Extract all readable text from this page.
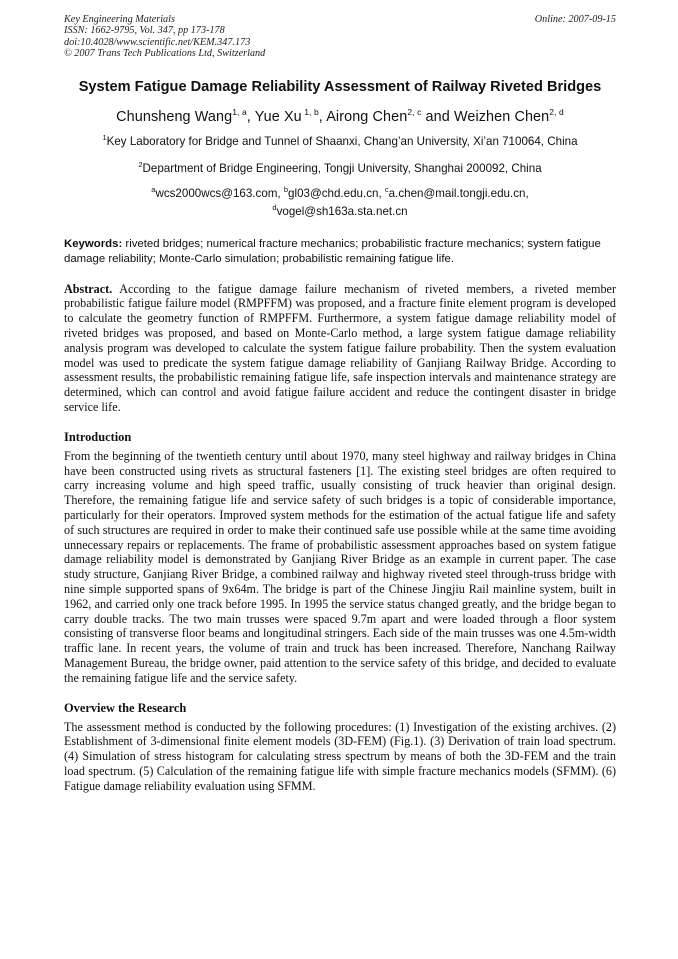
Key Engineering Materials
ISSN: 1662-9795, Vol. 347, pp 173-178
doi:10.4028/www.scientific.net/KEM.347.173
© 2007 Trans Tech Publications Ltd, Switzerland
Online: 2007-09-15
System Fatigue Damage Reliability Assessment of Railway Riveted Bridges
Chunsheng Wang$^{1, a}$, Yue Xu $^{1, b}$, Airong Chen$^{2, c}$ and Weizhen Chen$^{2, d}$
$^1$Key Laboratory for Bridge and Tunnel of Shaanxi, Chang’an University, Xi’an 710064, China
$^2$Department of Bridge Engineering, Tongji University, Shanghai 200092, China
$^a$wcs2000wcs@163.com, $^b$gl03@chd.edu.cn, $^c$a.chen@mail.tongji.edu.cn,
$^d$vogel@sh163a.sta.net.cn
Keywords: riveted bridges; numerical fracture mechanics; probabilistic fracture mechanics; system fatigue damage reliability; Monte-Carlo simulation; probabilistic remaining fatigue life.
Abstract. According to the fatigue damage failure mechanism of riveted members, a riveted member probabilistic fatigue failure model (RMPFFM) was proposed, and a fracture finite element program is developed to calculate the geometry function of RMPFFM. Furthermore, a system fatigue damage reliability model of riveted bridges was proposed, and based on Monte-Carlo method, a large system fatigue damage reliability analysis program was developed to calculate the system fatigue failure probability. Then the system evaluation model was used to predicate the system fatigue damage reliability of Ganjiang Railway Bridge. According to assessment results, the probabilistic remaining fatigue life, safe inspection intervals and maintenance strategy are determined, which can control and avoid fatigue failure accident and reduce the contingent disaster in bridge service life.
Introduction

From the beginning of the twentieth century until about 1970, many steel highway and railway bridges in China have been constructed using rivets as structural fasteners [1]. The existing steel bridges are often required to carry increasing volume and high speed traffic, usually consisting of truck heavier than original design. Therefore, the remaining fatigue life and service safety of such bridges is a topic of considerable importance, particularly for their operators. Improved system methods for the estimation of the actual fatigue life and safety of such structures are required in order to make their continued safe use possible while at the same time avoiding unnecessary repairs or replacements. The frame of probabilistic assessment approaches based on system fatigue damage reliability model is demonstrated by Ganjiang River Bridge as an example in current paper. The case study structure, Ganjiang River Bridge, a combined railway and highway riveted steel through-truss bridge with nine simple supported spans of 9x64m. The bridge is part of the Chinese Jingjiu Rail mainline system, built in 1962, and carried only one track before 1995. In 1995 the service status changed greatly, and the bridge began to carry double tracks. The two main trusses were spaced 9.7m apart and were loaded through a floor system consisting of transverse floor beams and longitudinal stringers. Each side of the main trusses was one 4.5m-width traffic lane. In recent years, the volume of train and truck has been increased. Therefore, Nanchang Railway Management Bureau, the bridge owner, paid attention to the service safety of this bridge, and decided to evaluate the remaining fatigue life and the service safety.

Overview the Research

The assessment method is conducted by the following procedures: (1) Investigation of the existing archives. (2) Establishment of 3-dimensional finite element models (3D-FEM) (Fig.1). (3) Derivation of train load spectrum. (4) Simulation of stress histogram for calculating stress spectrum by means of both the 3D-FEM and the train load spectrum. (5) Calculation of the remaining fatigue life with simple fracture mechanics models (SFMM). (6) Fatigue damage reliability evaluation using SFMM.
